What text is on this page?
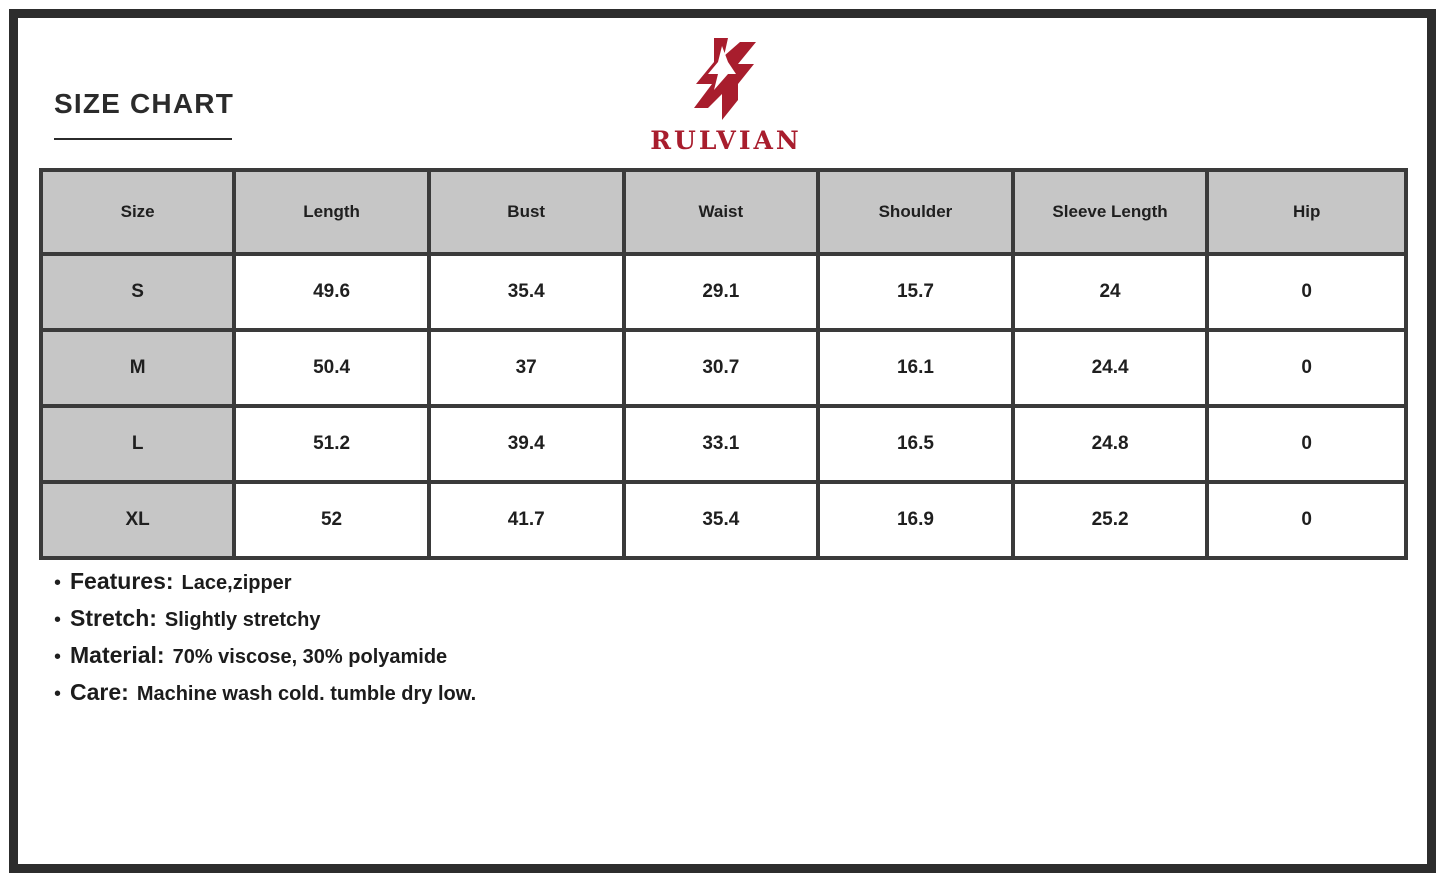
RULVIAN
SIZE CHART
Size	Length	Bust	Waist	Shoulder	Sleeve Length	Hip
S	49.6	35.4	29.1	15.7	24	0
M	50.4	37	30.7	16.1	24.4	0
L	51.2	39.4	33.1	16.5	24.8	0
XL	52	41.7	35.4	16.9	25.2	0
• Features: Lace,zipper
• Stretch: Slightly stretchy
• Material: 70% viscose, 30% polyamide
• Care: Machine wash cold. tumble dry low.
